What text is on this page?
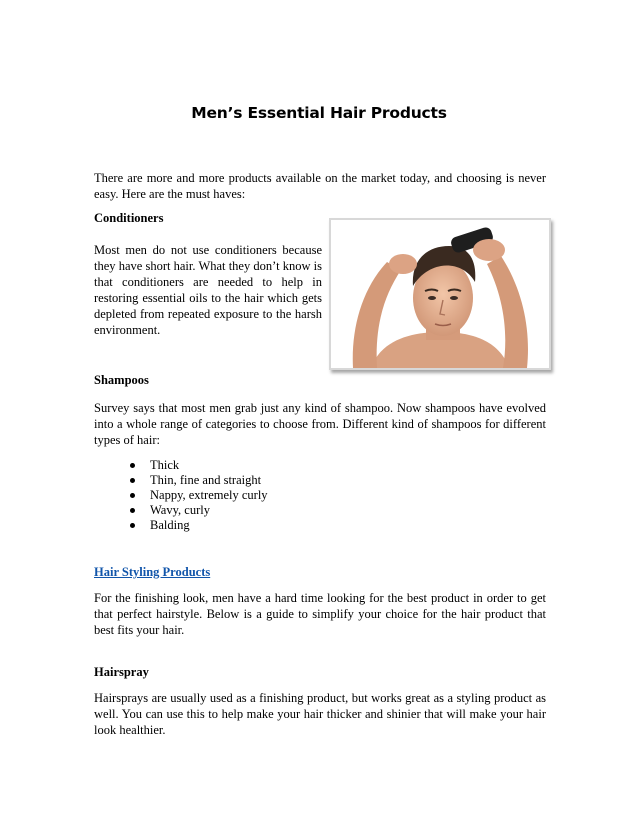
Men’s Essential Hair Products

There are more and more products available on the market today, and choosing is never easy. Here are the must haves:

Conditioners

Most men do not use conditioners because they have short hair. What they don’t know is that conditioners are needed to help in restoring essential oils to the hair which gets depleted from repeated exposure to the harsh environment.

Shampoos

Survey says that most men grab just any kind of shampoo. Now shampoos have evolved into a whole range of categories to choose from. Different kind of shampoos for different types of hair:

Thick
Thin, fine and straight
Nappy, extremely curly
Wavy, curly
Balding
Hair Styling Products

For the finishing look, men have a hard time looking for the best product in order to get that perfect hairstyle. Below is a guide to simplify your choice for the hair product that best fits your hair.

Hairspray

Hairsprays are usually used as a finishing product, but works great as a styling product as well. You can use this to help make your hair thicker and shinier that will make your hair look healthier.
